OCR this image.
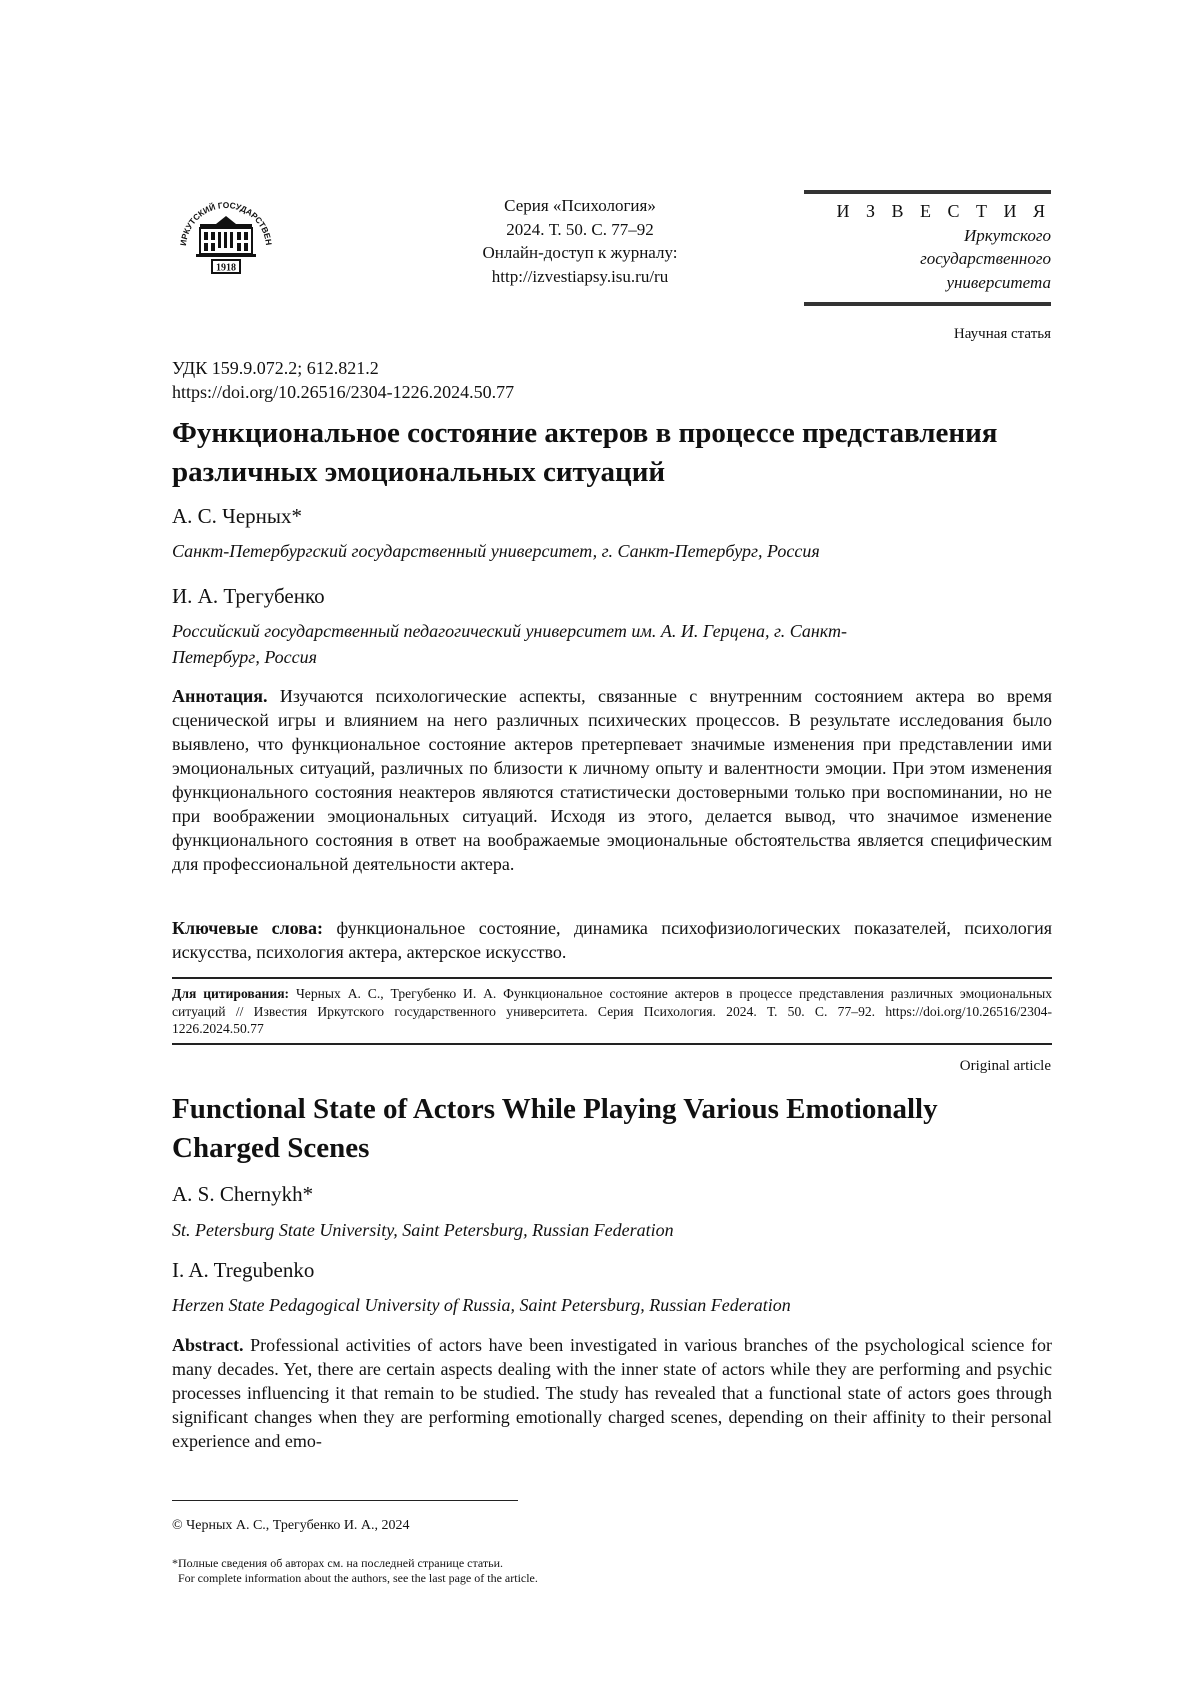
ИРКУТСКИЙ ГОСУДАРСТВЕН
1918
Серия «Психология»
2024. Т. 50. С. 77–92
Онлайн-доступ к журналу:
http://izvestiapsy.isu.ru/ru
И З В Е С Т И Я
Иркутского
государственного
университета
Научная статья
УДК 159.9.072.2; 612.821.2
https://doi.org/10.26516/2304-1226.2024.50.77
Функциональное состояние актеров в процессе представления различных эмоциональных ситуаций
А. С. Черных*
Санкт-Петербургский государственный университет, г. Санкт-Петербург, Россия
И. А. Трегубенко
Российский государственный педагогический университет им. А. И. Герцена, г. Санкт-Петербург, Россия
Аннотация. Изучаются психологические аспекты, связанные с внутренним состоянием актера во время сценической игры и влиянием на него различных психических процессов. В результате исследования было выявлено, что функциональное состояние актеров претерпевает значимые изменения при представлении ими эмоциональных ситуаций, различных по близости к личному опыту и валентности эмоции. При этом изменения функционального состояния неактеров являются статистически достоверными только при воспоминании, но не при воображении эмоциональных ситуаций. Исходя из этого, делается вывод, что значимое изменение функционального состояния в ответ на воображаемые эмоциональные обстоятельства является специфическим для профессиональной деятельности актера.
Ключевые слова: функциональное состояние, динамика психофизиологических показателей, психология искусства, психология актера, актерское искусство.
Для цитирования: Черных А. С., Трегубенко И. А. Функциональное состояние актеров в процессе представления различных эмоциональных ситуаций // Известия Иркутского государственного университета. Серия Психология. 2024. Т. 50. С. 77–92. https://doi.org/10.26516/2304-1226.2024.50.77
Original article
Functional State of Actors While Playing Various Emotionally Charged Scenes
A. S. Chernykh*
St. Petersburg State University, Saint Petersburg, Russian Federation
I. A. Tregubenko
Herzen State Pedagogical University of Russia, Saint Petersburg, Russian Federation
Abstract. Professional activities of actors have been investigated in various branches of the psychological science for many decades. Yet, there are certain aspects dealing with the inner state of actors while they are performing and psychic processes influencing it that remain to be studied. The study has revealed that a functional state of actors goes through significant changes when they are performing emotionally charged scenes, depending on their affinity to their personal experience and emo-
© Черных А. С., Трегубенко И. А., 2024
*Полные сведения об авторах см. на последней странице статьи.
For complete information about the authors, see the last page of the article.
